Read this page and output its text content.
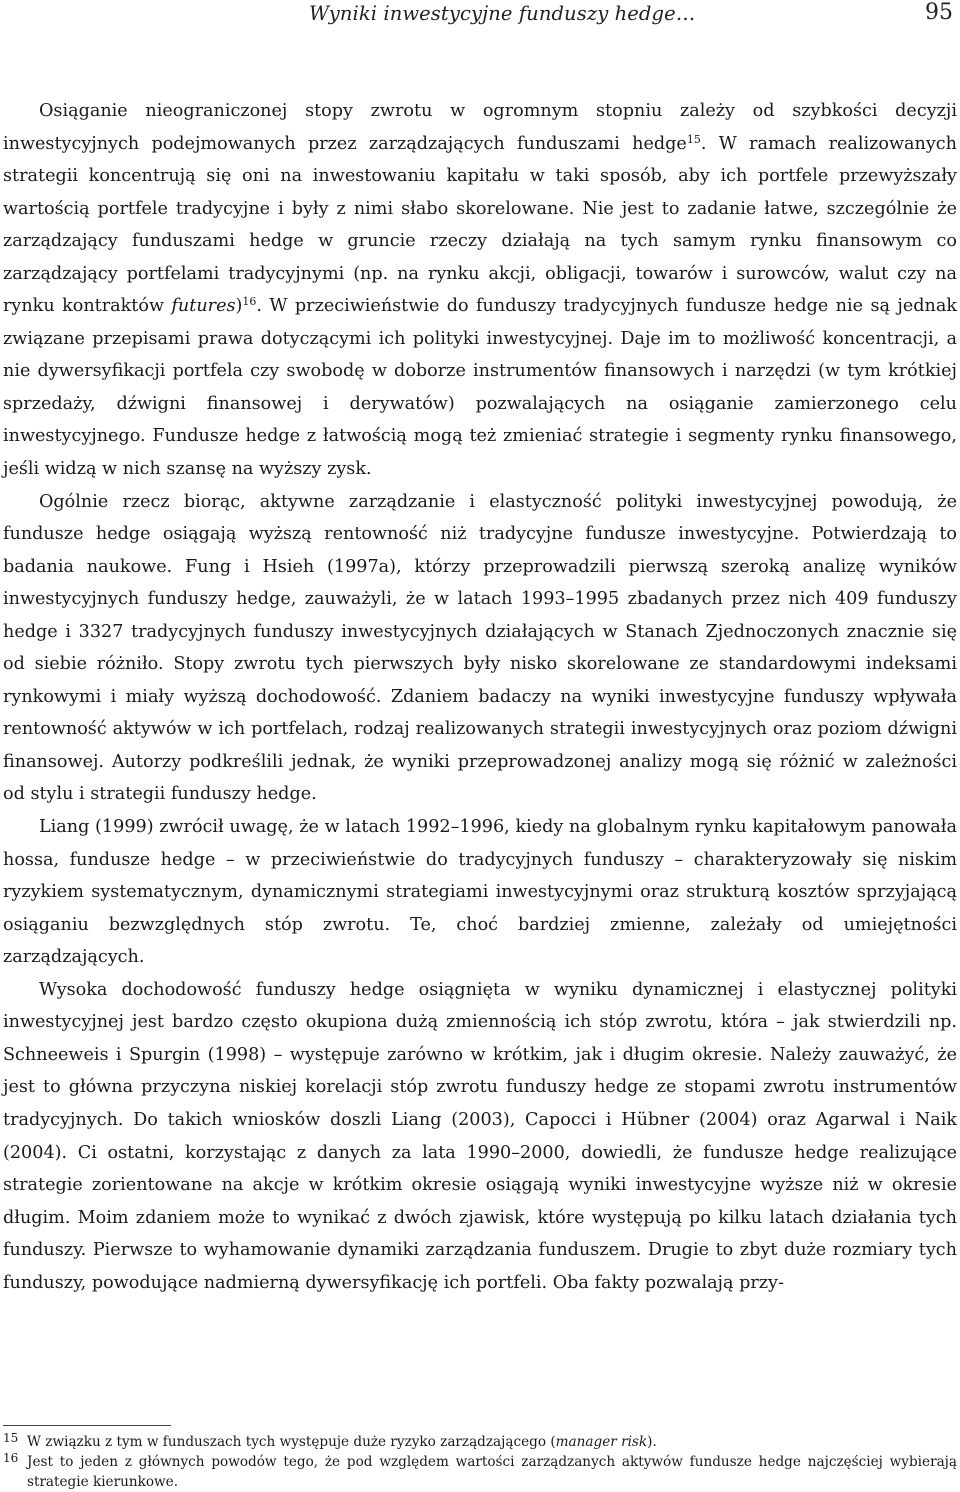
Wyniki inwestycyjne funduszy hedge…	95

Osiąganie nieograniczonej stopy zwrotu w ogromnym stopniu zależy od szybkości decyzji inwestycyjnych podejmowanych przez zarządzających funduszami hedge$^{15}$. W ramach realizowanych strategii koncentrują się oni na inwestowaniu kapitału w taki sposób, aby ich portfele przewyższały wartością portfele tradycyjne i były z nimi słabo skorelowane. Nie jest to zadanie łatwe, szczególnie że zarządzający funduszami hedge w gruncie rzeczy działają na tych samym rynku finansowym co zarządzający portfelami tradycyjnymi (np. na rynku akcji, obligacji, towarów i surowców, walut czy na rynku kontraktów futures)$^{16}$. W przeciwieństwie do funduszy tradycyjnych fundusze hedge nie są jednak związane przepisami prawa dotyczącymi ich polityki inwestycyjnej. Daje im to możliwość koncentracji, a nie dywersyfikacji portfela czy swobodę w doborze instrumentów finansowych i narzędzi (w tym krótkiej sprzedaży, dźwigni finansowej i derywatów) pozwalających na osiąganie zamierzonego celu inwestycyjnego. Fundusze hedge z łatwością mogą też zmieniać strategie i segmenty rynku finansowego, jeśli widzą w nich szansę na wyższy zysk.

Ogólnie rzecz biorąc, aktywne zarządzanie i elastyczność polityki inwestycyjnej powodują, że fundusze hedge osiągają wyższą rentowność niż tradycyjne fundusze inwestycyjne. Potwierdzają to badania naukowe. Fung i Hsieh (1997a), którzy przeprowadzili pierwszą szeroką analizę wyników inwestycyjnych funduszy hedge, zauważyli, że w latach 1993–1995 zbadanych przez nich 409 funduszy hedge i 3327 tradycyjnych funduszy inwestycyjnych działających w Stanach Zjednoczonych znacznie się od siebie różniło. Stopy zwrotu tych pierwszych były nisko skorelowane ze standardowymi indeksami rynkowymi i miały wyższą dochodowość. Zdaniem badaczy na wyniki inwestycyjne funduszy wpływała rentowność aktywów w ich portfelach, rodzaj realizowanych strategii inwestycyjnych oraz poziom dźwigni finansowej. Autorzy podkreślili jednak, że wyniki przeprowadzonej analizy mogą się różnić w zależności od stylu i strategii funduszy hedge.

Liang (1999) zwrócił uwagę, że w latach 1992–1996, kiedy na globalnym rynku kapitałowym panowała hossa, fundusze hedge – w przeciwieństwie do tradycyjnych funduszy – charakteryzowały się niskim ryzykiem systematycznym, dynamicznymi strategiami inwestycyjnymi oraz strukturą kosztów sprzyjającą osiąganiu bezwzględnych stóp zwrotu. Te, choć bardziej zmienne, zależały od umiejętności zarządzających.

Wysoka dochodowość funduszy hedge osiągnięta w wyniku dynamicznej i elastycznej polityki inwestycyjnej jest bardzo często okupiona dużą zmiennością ich stóp zwrotu, która – jak stwierdzili np. Schneeweis i Spurgin (1998) – występuje zarówno w krótkim, jak i długim okresie. Należy zauważyć, że jest to główna przyczyna niskiej korelacji stóp zwrotu funduszy hedge ze stopami zwrotu instrumentów tradycyjnych. Do takich wniosków doszli Liang (2003), Capocci i Hübner (2004) oraz Agarwal i Naik (2004). Ci ostatni, korzystając z danych za lata 1990–2000, dowiedli, że fundusze hedge realizujące strategie zorientowane na akcje w krótkim okresie osiągają wyniki inwestycyjne wyższe niż w okresie długim. Moim zdaniem może to wynikać z dwóch zjawisk, które występują po kilku latach działania tych funduszy. Pierwsze to wyhamowanie dynamiki zarządzania funduszem. Drugie to zbyt duże rozmiary tych funduszy, powodujące nadmierną dywersyfikację ich portfeli. Oba fakty pozwalają przy-

15 W związku z tym w funduszach tych występuje duże ryzyko zarządzającego (manager risk).
16 Jest to jeden z głównych powodów tego, że pod względem wartości zarządzanych aktywów fundusze hedge najczęściej wybierają strategie kierunkowe.
